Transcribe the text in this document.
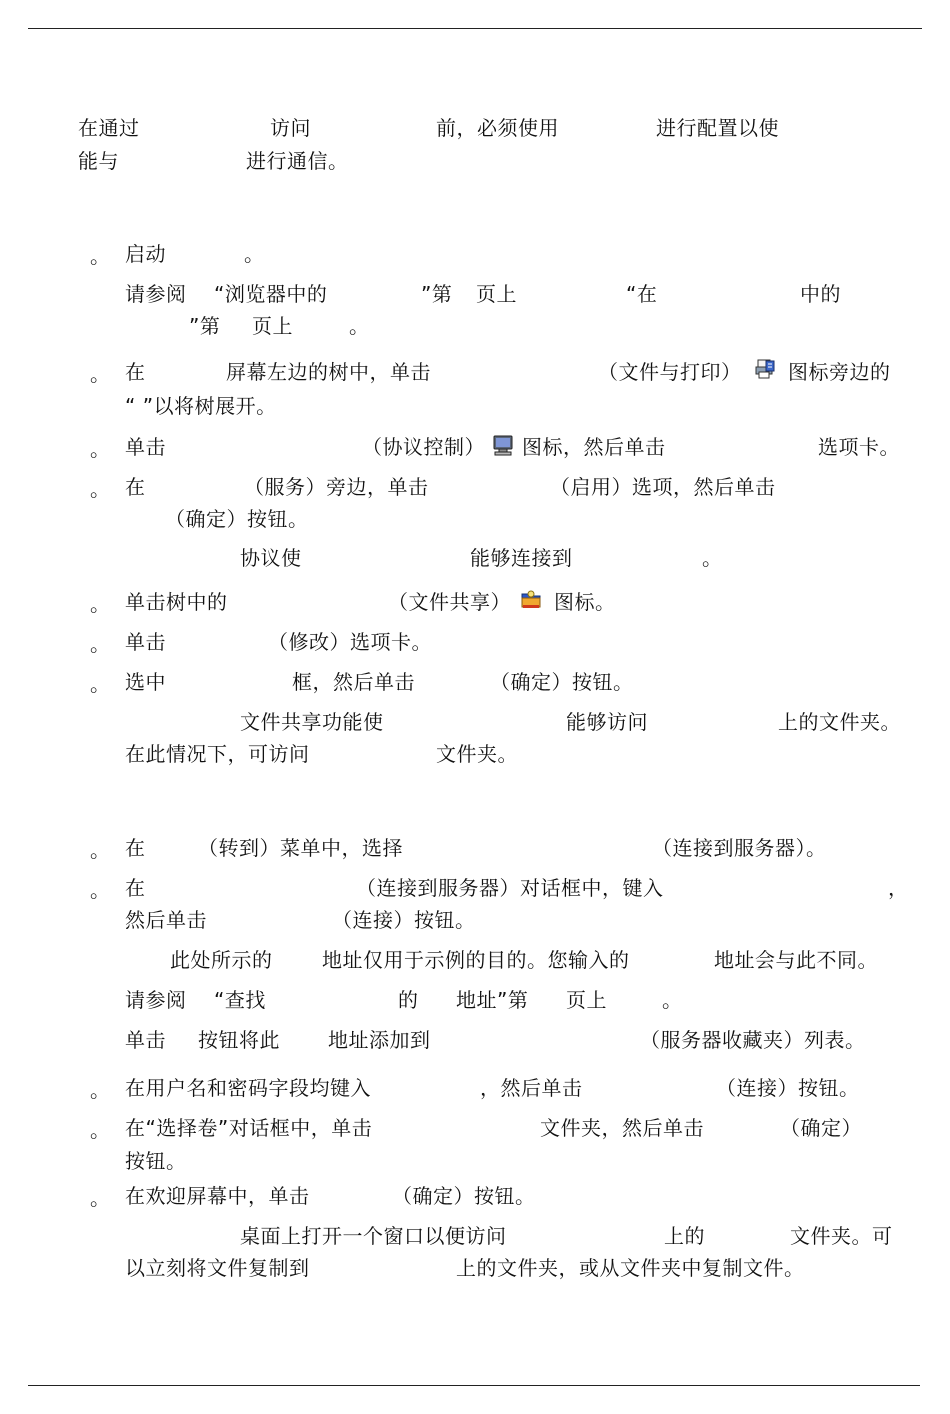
在通过	访问	前，必须使用	进行配置以使
能与	进行通信。
。 启动	。
请参阅 “浏览器中的	”第 页上	“在	中的
”第 页上	。
。 在	屏幕左边的树中，单击	（文件与打印） 图标旁边的
“ ”以将树展开。
。 单击	（协议控制） 图标，然后单击	选项卡。
。 在	（服务）旁边，单击	（启用）选项，然后单击
（确定）按钮。
协议使	能够连接到	。
。 单击树中的	（文件共享） 图标。
。 单击	（修改）选项卡。
。 选中	框，然后单击	（确定）按钮。
文件共享功能使	能够访问	上的文件夹。
在此情况下，可访问	文件夹。
。 在	（转到）菜单中，选择	（连接到服务器）。
。 在	（连接到服务器）对话框中，键入	，
然后单击	（连接）按钮。
此处所示的 地址仅用于示例的目的。您输入的	地址会与此不同。
请参阅 “查找	的 地址”第 页上	。
单击 按钮将此 地址添加到	（服务器收藏夹）列表。
。 在用户名和密码字段均键入	，然后单击	（连接）按钮。
。 在“选择卷”对话框中，单击	文件夹，然后单击	（确定）
按钮。
。 在欢迎屏幕中，单击	（确定）按钮。
桌面上打开一个窗口以便访问	上的	文件夹。可
以立刻将文件复制到	上的文件夹，或从文件夹中复制文件。
